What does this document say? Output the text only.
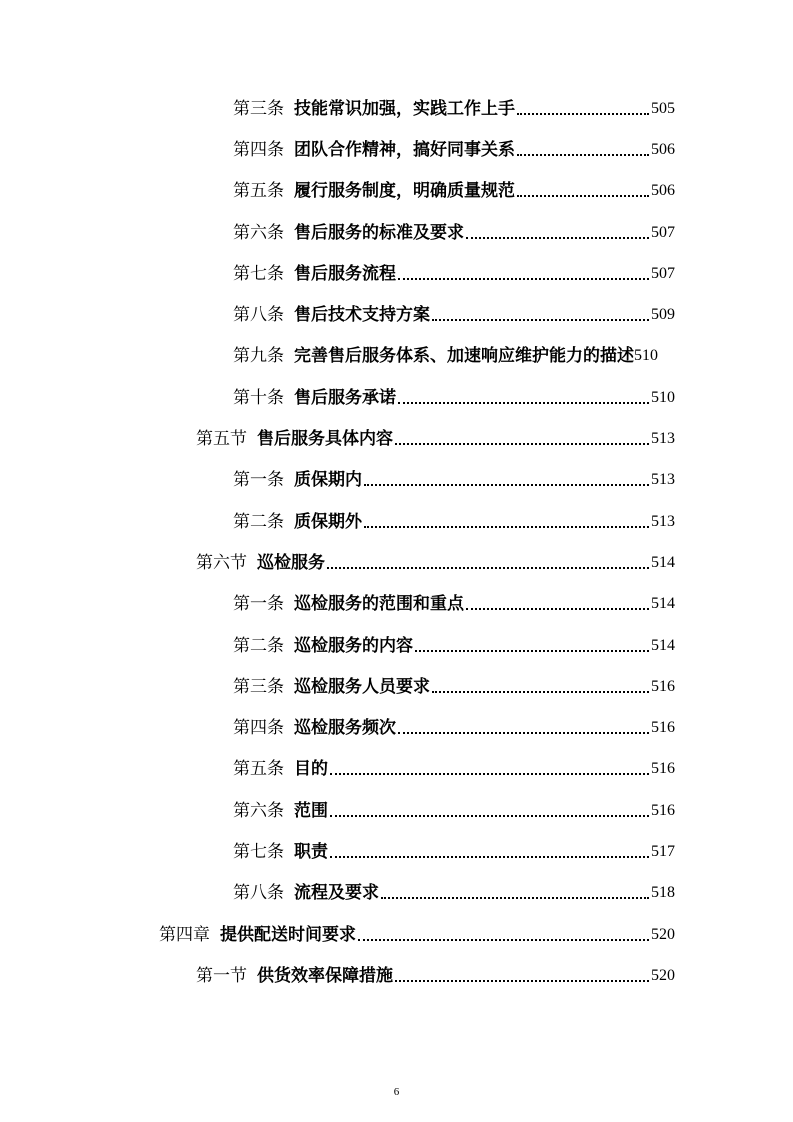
第三条 技能常识加强，实践工作上手	505
第四条 团队合作精神，搞好同事关系	506
第五条 履行服务制度，明确质量规范	506
第六条 售后服务的标准及要求	507
第七条 售后服务流程	507
第八条 售后技术支持方案	509
第九条 完善售后服务体系、加速响应维护能力的描述 510
第十条 售后服务承诺	510
第五节 售后服务具体内容	513
第一条 质保期内	513
第二条 质保期外	513
第六节 巡检服务	514
第一条 巡检服务的范围和重点	514
第二条 巡检服务的内容	514
第三条 巡检服务人员要求	516
第四条 巡检服务频次	516
第五条 目的	516
第六条 范围	516
第七条 职责	517
第八条 流程及要求	518
第四章 提供配送时间要求	520
第一节 供货效率保障措施	520
6
